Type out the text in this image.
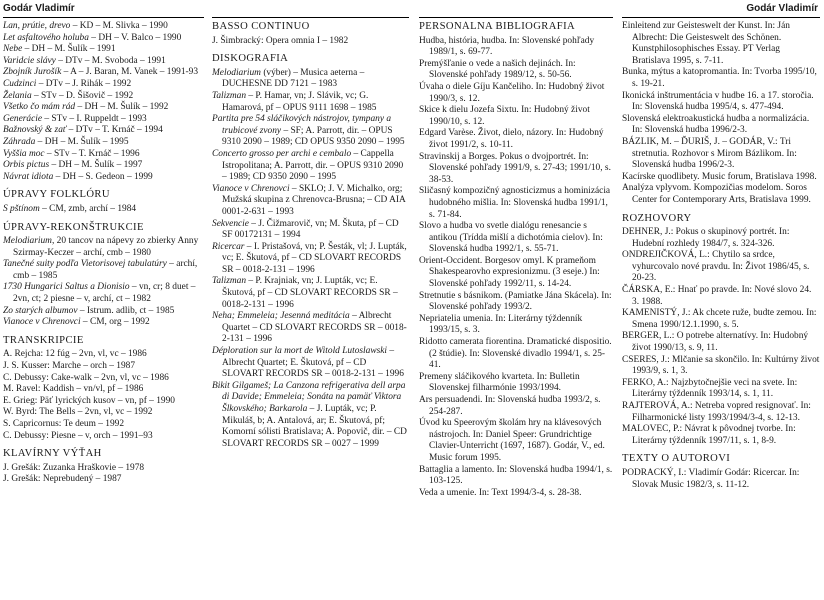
Godár Vladimír	Godár Vladimír

Lan, prútie, drevo – KD – M. Slivka – 1990

Let asfaltového holuba – DH – V. Balco – 1990

Nebe – DH – M. Šulík – 1991

Varidcie slávy – DTv – M. Svoboda – 1991

Zbojník Jurošík – A – J. Baran, M. Vanek – 1991-93

Cudzinci – DTv – J. Rihák – 1992

Želania – STv – D. Šišovič – 1992

Všetko čo mám rád – DH – M. Šulík – 1992

Generácie – STv – I. Ruppeldt – 1993

Bažnovský & zať – DTv – T. Krnáč – 1994

Záhrada – DH – M. Šulík – 1995

Vyššia moc – STv – T. Krnáč – 1996

Orbis pictus – DH – M. Šulík – 1997

Návrat idiota – DH – S. Gedeon – 1999

ÚPRAVY FOLKLÓRU

S pštínom – CM, zmb, archí – 1984

ÚPRAVY-REKONŠTRUKCIE

Melodiarium, 20 tancov na nápevy zo zbierky Anny Szirmay-Keczer – archí, cmb – 1980

Tanečné suity podľa Vietorisovej tabulatúry – archí, cmb – 1985

1730 Hungarici Saltus a Dionisio – vn, cr; 8 duet – 2vn, ct; 2 piesne – v, archí, ct – 1982

Zo starých albumov – Istrum. adlib, ct – 1985

Vianoce v Chrenovci – CM, org – 1992

TRANSKRIPCIE

A. Rejcha: 12 fúg – 2vn, vl, vc – 1986

J. S. Kusser: Marche – orch – 1987

C. Debussy: Cake-walk – 2vn, vl, vc – 1986

M. Ravel: Kaddish – vn/vl, pf – 1986

E. Grieg: Päť lyrických kusov – vn, pf – 1990

W. Byrd: The Bells – 2vn, vl, vc – 1992

S. Capricornus: Te deum – 1992

C. Debussy: Piesne – v, orch – 1991–93

KLAVÍRNY VÝŤAH

J. Grešák: Zuzanka Hraškovie – 1978

J. Grešák: Neprebudený – 1987

BASSO CONTINUO

J. Šimbracký: Opera omnia I – 1982

DISKOGRAFIA

Melodiarium (výber) – Musica aeterna – DUCHESNE DD 7121 – 1983

Talizman – P. Hamar, vn; J. Slávik, vc; G. Hamarová, pf – OPUS 9111 1698 – 1985

Partita pre 54 sláčikových nástrojov, tympany a trubicové zvony – SF; A. Parrott, dir. – OPUS 9310 2090 – 1989; CD OPUS 9350 2090 – 1995

Concerto grosso per archi e cembalo – Cappella Istropolitana; A. Parrott, dir. – OPUS 9310 2090 – 1989; CD 9350 2090 – 1995

Vianoce v Chrenovci – SKLO; J. V. Michalko, org; Mužská skupina z Chrenovca-Brusna; – CD AIA 0001-2-631 – 1993

Sekvencie – J. Čižmarovič, vn; M. Škuta, pf – CD SF 00172131 – 1994

Ricercar – I. Pristašová, vn; P. Šesták, vl; J. Lupták, vc; E. Škutová, pf – CD SLOVART RECORDS SR – 0018-2-131 – 1996

Talizman – P. Krajniak, vn; J. Lupták, vc; E. Škutová, pf – CD SLOVART RECORDS SR – 0018-2-131 – 1996

Neha; Emmeleia; Jesenná meditácia – Albrecht Quartet – CD SLOVART RECORDS SR – 0018-2-131 – 1996

Déploration sur la mort de Witold Lutoslawski – Albrecht Quartet; E. Škutová, pf – CD SLOVART RECORDS SR – 0018-2-131 – 1996

Bikit Gilgameš; La Canzona refrigerativa dell arpa di Davide; Emmeleia; Sonáta na pamäť Viktora Šlkovského; Barkarola – J. Lupták, vc; P. Mikuláš, b; A. Antalová, ar; E. Škutová, pf; Komorní sólisti Bratislava; A. Popovič, dir. – CD SLOVART RECORDS SR – 0027 – 1999

PERSONÁLNA BIBLIOGRAFIA

Hudba, história, hudba. In: Slovenské pohľady 1989/1, s. 69-77.

Premýšľanie o vede a našich dejinách. In: Slovenské pohľady 1989/12, s. 50-56.

Úvaha o diele Gíju Kančeliho. In: Hudobný život 1990/3, s. 12.

Skice k dielu Jozefa Sixtu. In: Hudobný život 1990/10, s. 12.

Edgard Varèse. Život, dielo, názory. In: Hudobný život 1991/2, s. 10-11.

Stravinskij a Borges. Pokus o dvojportrét. In: Slovenské pohľady 1991/9, s. 27-43; 1991/10, s. 38-53.

Sličasný kompozičný agnosticizmus a hominizácia hudobného mišlia. In: Slovenská hudba 1991/1, s. 71-84.

Slovo a hudba vo svetle dialógu renesancie s antikou (Trídda mišlí a dichotómia cielov). In: Slovenská hudba 1992/1, s. 55-71.

Orient-Occident. Borgesov omyl. K prameňom Shakespearovho expresionizmu. (3 eseje.) In: Slovenské pohľady 1992/11, s. 14-24.

Stretnutie s básnikom. (Pamiatke Jána Skácela). In: Slovenské pohľady 1993/2.

Nepriatelia umenia. In: Literárny týždenník 1993/15, s. 3.

Ridotto camerata fiorentina. Dramatické dispositio. (2 štúdie). In: Slovenské divadlo 1994/1, s. 25-41.

Premeny sláčikového kvarteta. In: Bulletin Slovenskej filharmónie 1993/1994.

Ars persuadendi. In: Slovenská hudba 1993/2, s. 254-287.

Úvod ku Speerovým školám hry na klávesových nástrojoch. In: Daniel Speer: Grundrichtige Clavier-Unterricht (1697, 1687). Godár, V., ed. Music forum 1995.

Battaglia a lamento. In: Slovenská hudba 1994/1, s. 103-125.

Veda a umenie. In: Text 1994/3-4, s. 28-38.

Einleitend zur Geisteswelt der Kunst. In: Ján Albrecht: Die Geisteswelt des Schönen. Kunstphilosophisches Essay. PT Verlag Bratislava 1995, s. 7-11.

Bunka, mýtus a katopromantia. In: Tvorba 1995/10, s. 19-21.

Ikonická inštrumentácia v hudbe 16. a 17. storočia. In: Slovenská hudba 1995/4, s. 477-494.

Slovenská elektroakustická hudba a normalizácia. In: Slovenská hudba 1996/2-3.

BÁZLIK, M. – ĎURIŠ, J. – GODÁR, V.: Tri stretnutia. Rozhovor s Mirom Bázlikom. In: Slovenská hudba 1996/2-3.

Kacírske quodlibety. Music forum, Bratislava 1998.

Analýza vplyvom. Kompozičias modelom. Soros Center for Contemporary Arts, Bratislava 1999.

ROZHOVORY

DEHNER, J.: Pokus o skupinový portrét. In: Hudební rozhledy 1984/7, s. 324-326.

ONDREJIČKOVÁ, L.: Chytilo sa srdce, vyhurcovalo nové pravdu. In: Život 1986/45, s. 20-23.

ČÁRSKA, E.: Hnať po pravde. In: Nové slovo 24. 3. 1988.

KAMENISTÝ, J.: Ak chcete ruže, budte zemou. In: Smena 1990/12.1.1990, s. 5.

BERGER, L.: O potrebe alternatívy. In: Hudobný život 1990/13, s. 9, 11.

CSERES, J.: Mlčanie sa skončilo. In: Kultúrny život 1993/9, s. 1, 3.

FERKO, A.: Najzbytočnejšie veci na svete. In: Literárny týždenník 1993/14, s. 1, 11.

RAJTEROVÁ, A.: Netreba vopred resignovať. In: Filharmonické listy 1993/1994/3-4, s. 12-13.

MALOVEC, P.: Návrat k pôvodnej tvorbe. In: Literárny týždenník 1997/11, s. 1, 8-9.

TEXTY O AUTOROVI

PODRACKÝ, I.: Vladimír Godár: Ricercar. In: Slovak Music 1982/3, s. 11-12.
